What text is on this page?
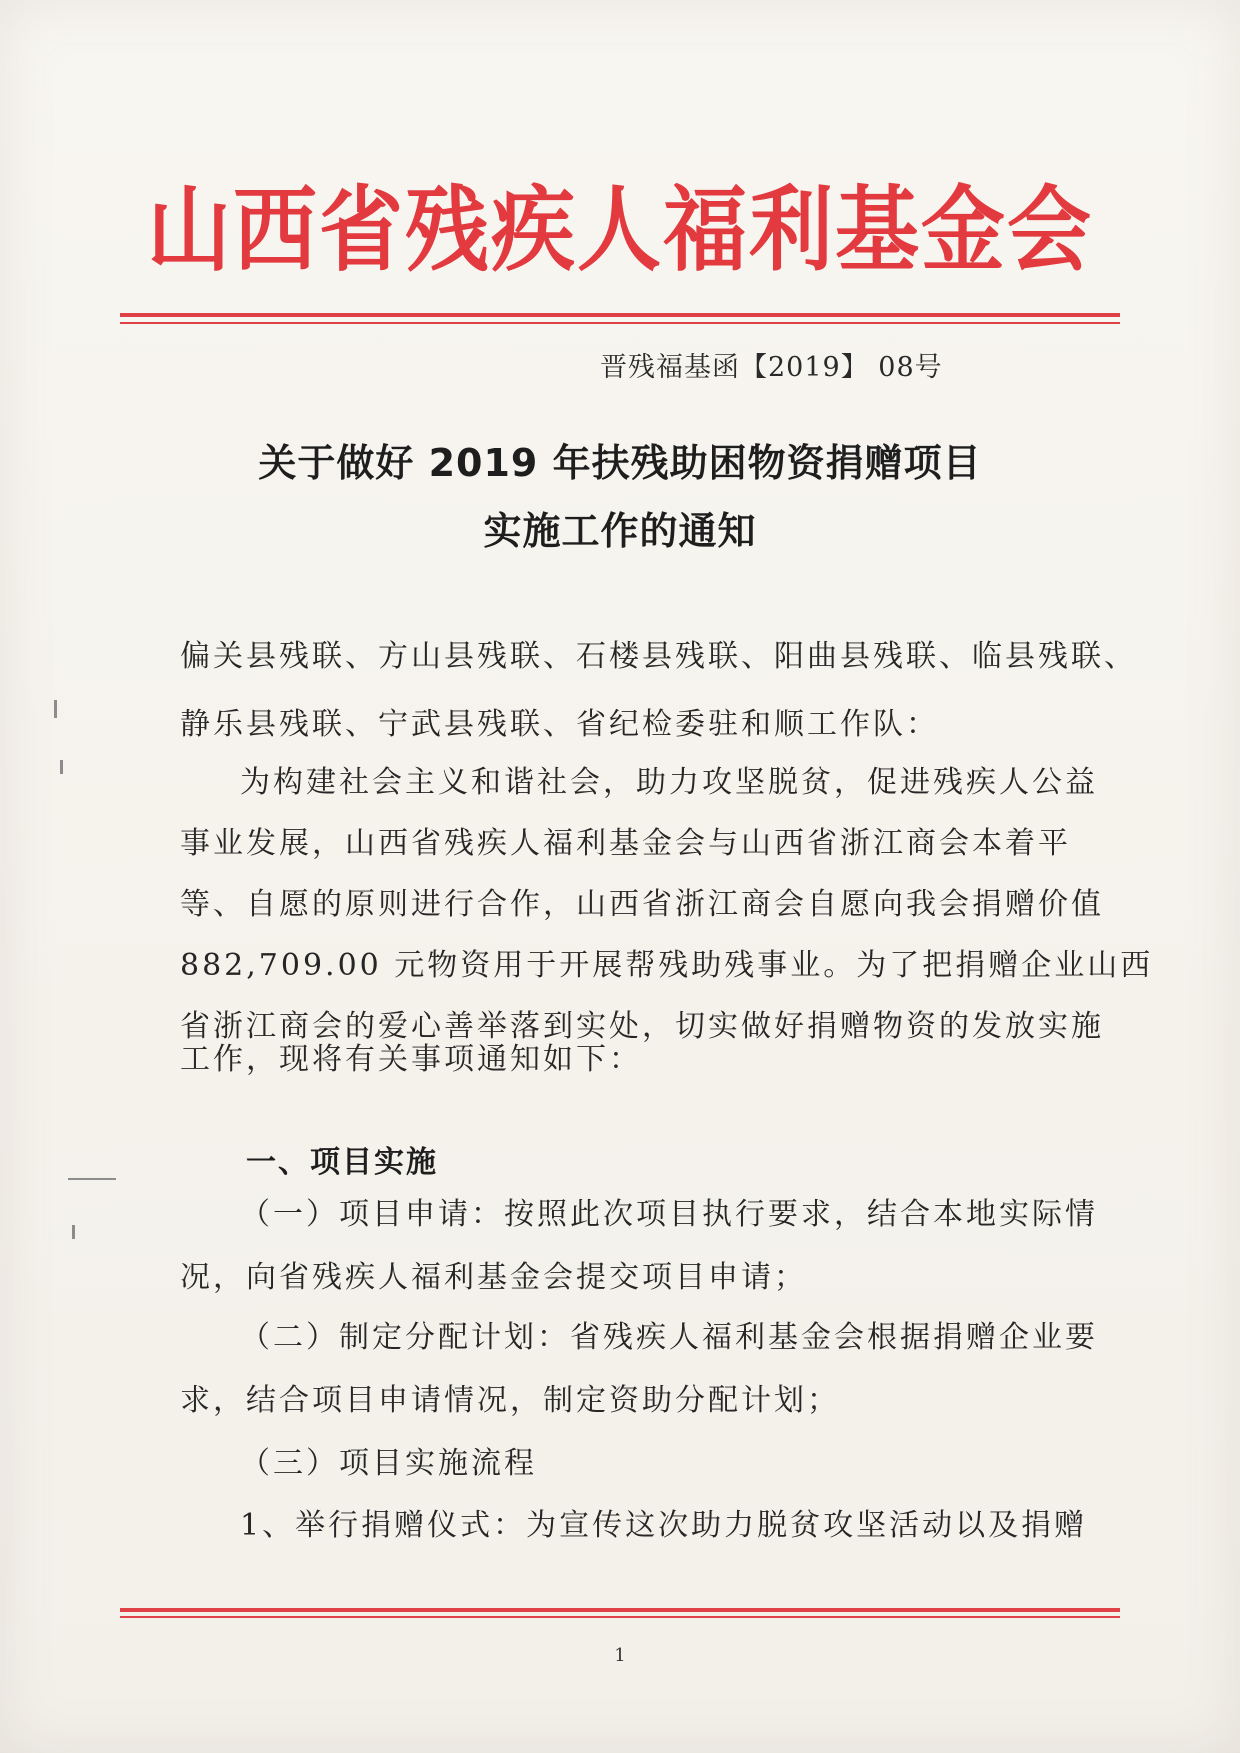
山西省残疾人福利基金会
晋残福基函【2019】 08号
关于做好 2019 年扶残助困物资捐赠项目
实施工作的通知
偏关县残联、方山县残联、石楼县残联、阳曲县残联、临县残联、
静乐县残联、宁武县残联、省纪检委驻和顺工作队：
为构建社会主义和谐社会，助力攻坚脱贫，促进残疾人公益
事业发展，山西省残疾人福利基金会与山西省浙江商会本着平
等、自愿的原则进行合作，山西省浙江商会自愿向我会捐赠价值
882,709.00 元物资用于开展帮残助残事业。为了把捐赠企业山西
省浙江商会的爱心善举落到实处，切实做好捐赠物资的发放实施
工作，现将有关事项通知如下：
一、项目实施
（一）项目申请：按照此次项目执行要求，结合本地实际情
况，向省残疾人福利基金会提交项目申请；
（二）制定分配计划：省残疾人福利基金会根据捐赠企业要
求，结合项目申请情况，制定资助分配计划；
（三）项目实施流程
1、举行捐赠仪式：为宣传这次助力脱贫攻坚活动以及捐赠
1
